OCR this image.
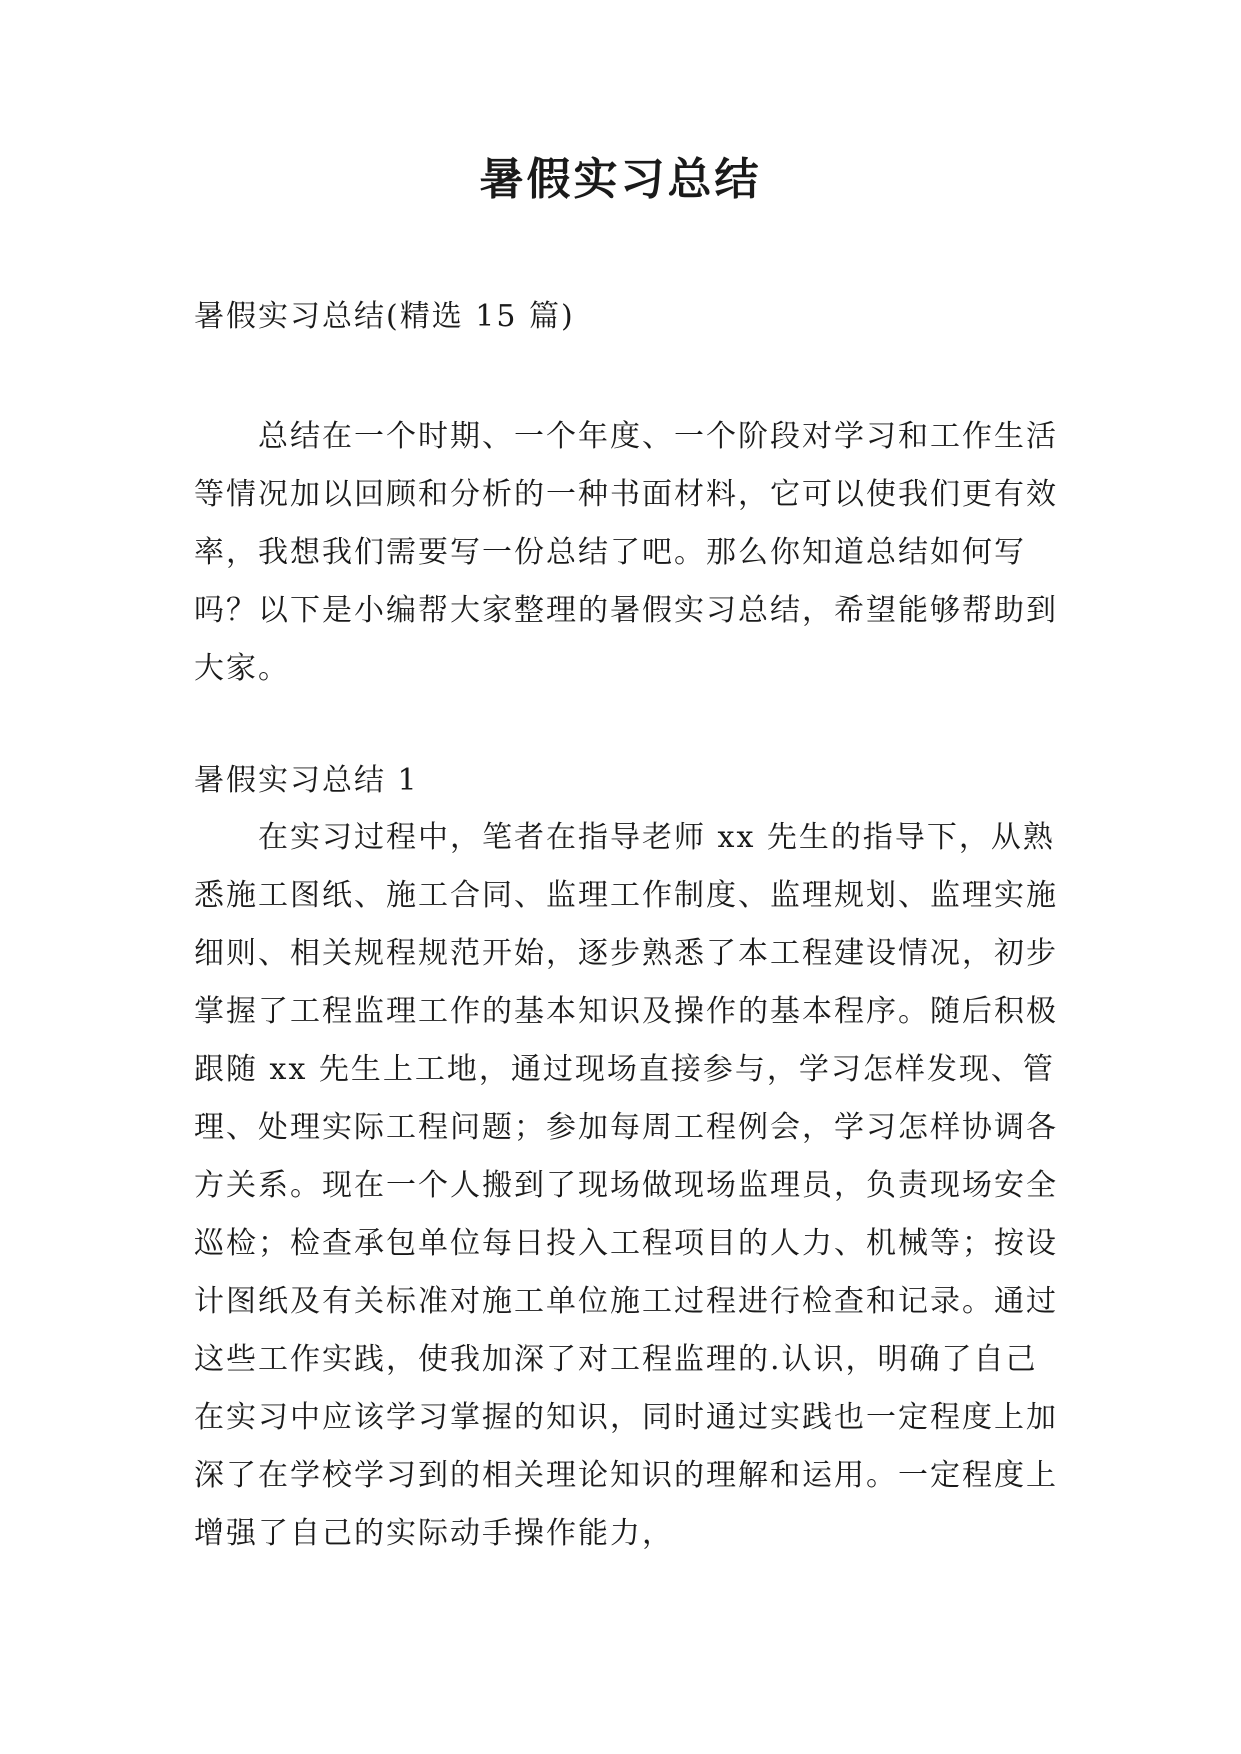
暑假实习总结

暑假实习总结(精选 15 篇)

总结在一个时期、一个年度、一个阶段对学习和工作生活等情况加以回顾和分析的一种书面材料，它可以使我们更有效率，我想我们需要写一份总结了吧。那么你知道总结如何写吗？以下是小编帮大家整理的暑假实习总结，希望能够帮助到大家。

暑假实习总结 1

在实习过程中，笔者在指导老师 xx 先生的指导下，从熟悉施工图纸、施工合同、监理工作制度、监理规划、监理实施细则、相关规程规范开始，逐步熟悉了本工程建设情况，初步掌握了工程监理工作的基本知识及操作的基本程序。随后积极跟随 xx 先生上工地，通过现场直接参与，学习怎样发现、管理、处理实际工程问题；参加每周工程例会，学习怎样协调各方关系。现在一个人搬到了现场做现场监理员，负责现场安全巡检；检查承包单位每日投入工程项目的人力、机械等；按设计图纸及有关标准对施工单位施工过程进行检查和记录。通过这些工作实践，使我加深了对工程监理的.认识，明确了自己在实习中应该学习掌握的知识，同时通过实践也一定程度上加深了在学校学习到的相关理论知识的理解和运用。一定程度上增强了自己的实际动手操作能力，
